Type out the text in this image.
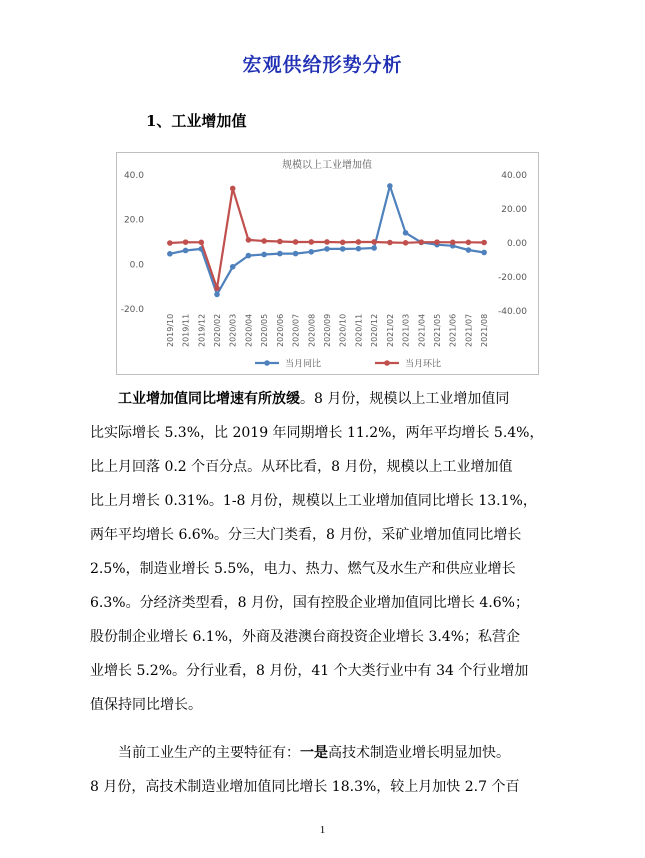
宏观供给形势分析
1、工业增加值
规模以上工业增加值
40.0
20.0
0.0
-20.0
40.00
20.00
0.00
-20.00
-40.00
2019/10 2019/11 2019/12 2020/02 2020/03 2020/04 2020/05 2020/06 2020/07 2020/08 2020/09 2020/10 2020/11 2020/12 2021/02 2021/03 2021/04 2021/05 2021/06 2021/07 2021/08
当月同比	当月环比

工业增加值同比增速有所放缓。8 月份，规模以上工业增加值同

比实际增长 5.3%，比 2019 年同期增长 11.2%，两年平均增长 5.4%，
比上月回落 0.2 个百分点。从环比看，8 月份，规模以上工业增加值
比上月增长 0.31%。1-8 月份，规模以上工业增加值同比增长 13.1%，
两年平均增长 6.6%。分三大门类看，8 月份，采矿业增加值同比增长
2.5%，制造业增长 5.5%，电力、热力、燃气及水生产和供应业增长
6.3%。分经济类型看，8 月份，国有控股企业增加值同比增长 4.6%；
股份制企业增长 6.1%，外商及港澳台商投资企业增长 3.4%；私营企
业增长 5.2%。分行业看，8 月份，41 个大类行业中有 34 个行业增加
值保持同比增长。

当前工业生产的主要特征有：一是高技术制造业增长明显加快。

8 月份，高技术制造业增加值同比增长 18.3%，较上月加快 2.7 个百

1
